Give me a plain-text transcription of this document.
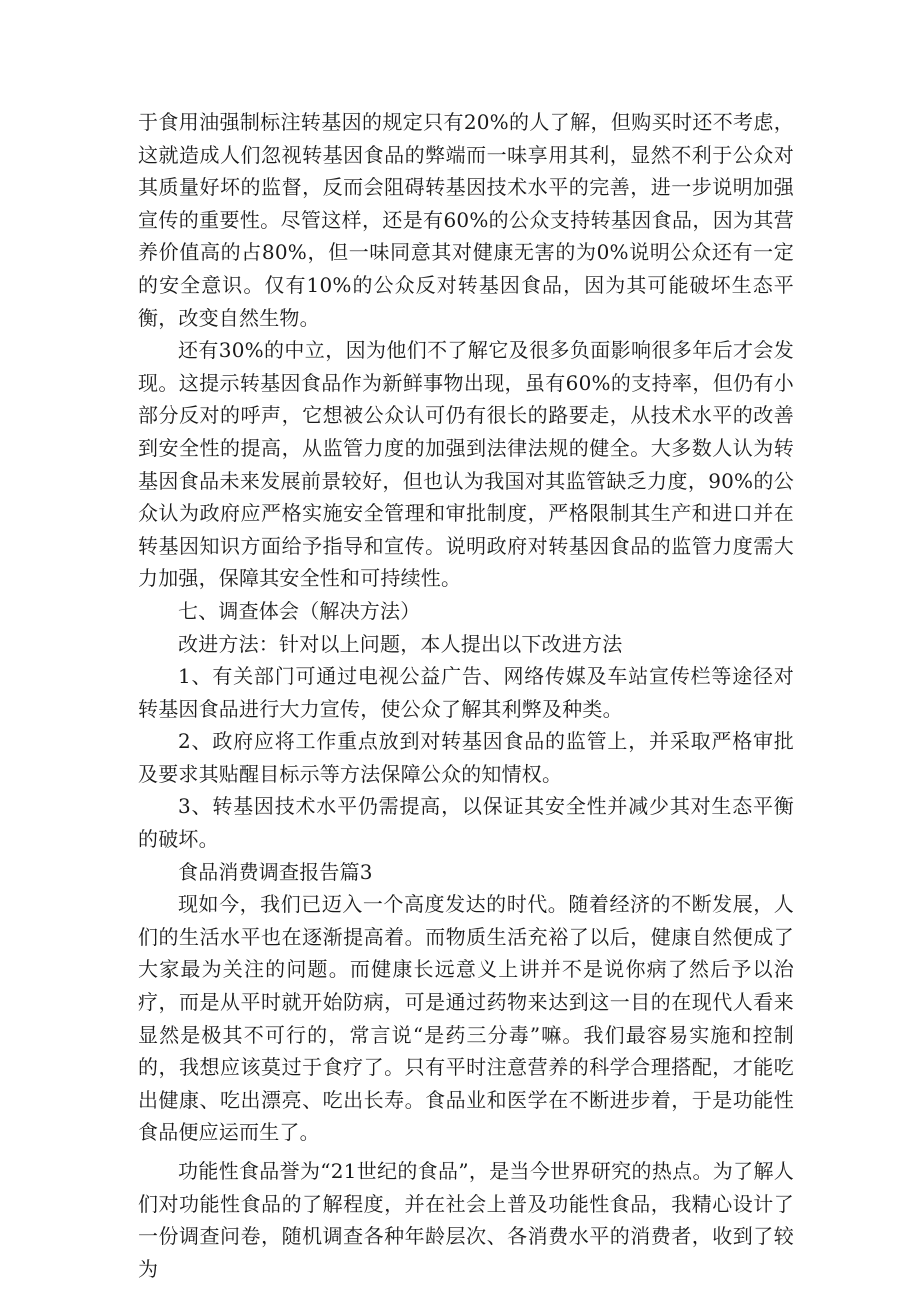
于食用油强制标注转基因的规定只有20%的人了解，但购买时还不考虑，这就造成人们忽视转基因食品的弊端而一味享用其利，显然不利于公众对其质量好坏的监督，反而会阻碍转基因技术水平的完善，进一步说明加强宣传的重要性。尽管这样，还是有60%的公众支持转基因食品，因为其营养价值高的占80%，但一味同意其对健康无害的为0%说明公众还有一定的安全意识。仅有10%的公众反对转基因食品，因为其可能破坏生态平衡，改变自然生物。

还有30%的中立，因为他们不了解它及很多负面影响很多年后才会发现。这提示转基因食品作为新鲜事物出现，虽有60%的支持率，但仍有小部分反对的呼声，它想被公众认可仍有很长的路要走，从技术水平的改善到安全性的提高，从监管力度的加强到法律法规的健全。大多数人认为转基因食品未来发展前景较好，但也认为我国对其监管缺乏力度，90%的公众认为政府应严格实施安全管理和审批制度，严格限制其生产和进口并在转基因知识方面给予指导和宣传。说明政府对转基因食品的监管力度需大力加强，保障其安全性和可持续性。

七、调查体会（解决方法）

改进方法：针对以上问题，本人提出以下改进方法

1、有关部门可通过电视公益广告、网络传媒及车站宣传栏等途径对转基因食品进行大力宣传，使公众了解其利弊及种类。

2、政府应将工作重点放到对转基因食品的监管上，并采取严格审批及要求其贴醒目标示等方法保障公众的知情权。

3、转基因技术水平仍需提高，以保证其安全性并减少其对生态平衡的破坏。

食品消费调查报告篇3

现如今，我们已迈入一个高度发达的时代。随着经济的不断发展，人们的生活水平也在逐渐提高着。而物质生活充裕了以后，健康自然便成了大家最为关注的问题。而健康长远意义上讲并不是说你病了然后予以治疗，而是从平时就开始防病，可是通过药物来达到这一目的在现代人看来显然是极其不可行的，常言说“是药三分毒”嘛。我们最容易实施和控制的，我想应该莫过于食疗了。只有平时注意营养的科学合理搭配，才能吃出健康、吃出漂亮、吃出长寿。食品业和医学在不断进步着，于是功能性食品便应运而生了。

功能性食品誉为“21世纪的食品”，是当今世界研究的热点。为了解人们对功能性食品的了解程度，并在社会上普及功能性食品，我精心设计了一份调查问卷，随机调查各种年龄层次、各消费水平的消费者，收到了较为
